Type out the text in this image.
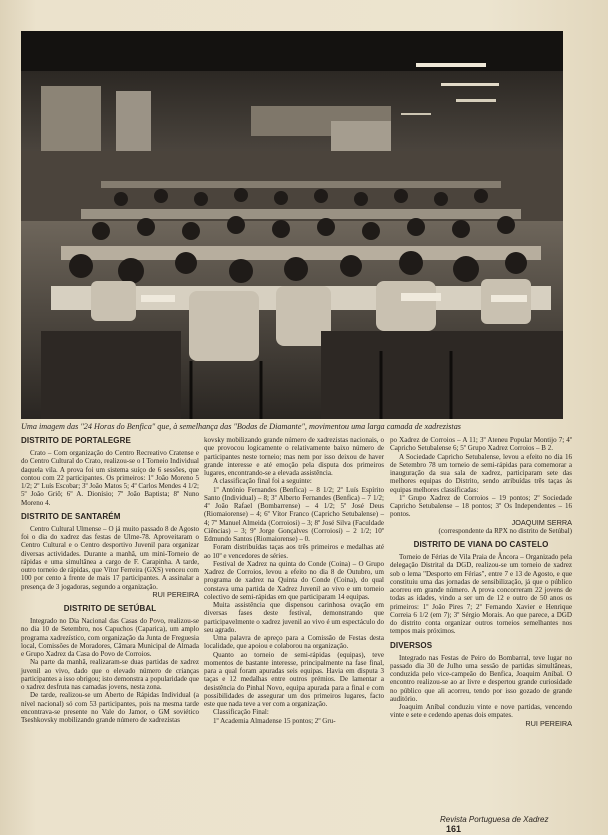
Uma imagem das "24 Horas do Benfica" que, à semelhança das "Bodas de Diamante", movimentou uma larga camada de xadrezistas
DISTRITO DE PORTALEGRE

Crato – Com organização do Centro Recreativo Cratense e do Centro Cultural do Crato, realizou-se o I Torneio Individual daquela vila. A prova foi um sistema suíço de 6 sessões, que contou com 22 participantes. Os primeiros: 1º João Moreno 5 1/2; 2º Luís Escobar; 3º João Matos 5; 4º Carlos Mendes 4 1/2; 5º João Griô; 6º A. Dionísio; 7º João Baptista; 8º Nuno Moreno 4.

DISTRITO DE SANTARÉM

Centro Cultural Ulmense – O já muito passado 8 de Agosto foi o dia do xadrez das festas de Ulme-78. Aproveitaram o Centro Cultural e o Centro desportivo Juvenil para organizar diversas actividades. Durante a manhã, um mini-Torneio de rápidas e uma simultânea a cargo de F. Carapinha. A tarde, outro torneio de rápidas, que Vítor Ferreira (GXS) venceu com 100 por cento à frente de mais 17 participantes. A assinalar a presença de 3 jogadoras, segundo a organização.

RUI PEREIRA

DISTRITO DE SETÚBAL

Integrado no Dia Nacional das Casas do Povo, realizou-se no dia 10 de Setembro, nos Capuchos (Caparica), um amplo programa xadrezístico, com organização da Junta de Freguesia local, Comissões de Moradores, Câmara Municipal de Almada e Grupo Xadrez da Casa do Povo de Corroios.

Na parte da manhã, realizaram-se duas partidas de xadrez juvenil ao vivo, dado que o elevado número de crianças participantes a isso obrigou; isto demonstra a popularidade que o xadrez desfruta nas camadas jovens, nesta zona.

De tarde, realizou-se um Aberto de Rápidas Individual (a nível nacional) só com 53 participantes, pois na mesma tarde encontrava-se presente no Vale do Jamor, o GM soviético Tseshkovsky mobilizando grande número de xadrezistas

kovsky mobilizando grande número de xadrezistas nacionais, o que provocou logicamente o relativamente baixo número de participantes neste torneio; mas nem por isso deixou de haver grande interesse e até emoção pela disputa dos primeiros lugares, encontrando-se a elevada assistência.

A classificação final foi a seguinte:

1º António Fernandes (Benfica) – 8 1/2; 2º Luís Espírito Santo (Individual) – 8; 3º Alberto Fernandes (Benfica) – 7 1/2; 4º João Rafael (Bombarrense) – 4 1/2; 5º José Deus (Riomaiorense) – 4; 6º Vítor Franco (Capricho Setubalense) – 4; 7º Manuel Almeida (Corroiosi) – 3; 8º José Silva (Faculdade Ciências) – 3; 9º Jorge Gonçalves (Corroiosi) – 2 1/2; 10º Edmundo Santos (Riomaiorense) – 0.

Foram distribuídas taças aos três primeiros e medalhas até ao 10º e vencedores de séries.

Festival de Xadrez na quinta do Conde (Coina) – O Grupo Xadrez de Corroios, levou a efeito no dia 8 de Outubro, um programa de xadrez na Quinta do Conde (Coina), do qual constava uma partida de Xadrez Juvenil ao vivo e um torneio colectivo de semi-rápidas em que participaram 14 equipas.

Muita assistência que dispensou carinhosa ovação em diversas fases deste festival, demonstrando que participavelmente o xadrez juvenil ao vivo é um espectáculo do seu agrado.

Uma palavra de apreço para a Comissão de Festas desta localidade, que apoiou e colaborou na organização.

Quanto ao torneio de semi-rápidas (equipas), teve momentos de bastante interesse, principalmente na fase final, para a qual foram apuradas seis equipas. Havia em disputa 3 taças e 12 medalhas entre outros prémios. De lamentar a desistência do Pinhal Novo, equipa apurada para a final e com possibilidades de assegurar um dos primeiros lugares, facto este que nada teve a ver com a organização.

Classificação Final:

1º Academia Almadense 15 pontos; 2º Gru-

po Xadrez de Corroios – A 11; 3º Ateneu Popular Montijo 7; 4º Capricho Setubalense 6; 5º Grupo Xadrez Corroios – B 2.

A Sociedade Capricho Setubalense, levou a efeito no dia 16 de Setembro 78 um torneio de semi-rápidas para comemorar a inauguração da sua sala de xadrez, participaram sete das melhores equipas do Distrito, sendo atribuídas três taças às equipas melhores classificadas:

1º Grupo Xadrez de Corroios – 19 pontos; 2º Sociedade Capricho Setubalense – 18 pontos; 3º Os Independentes – 16 pontos.

JOAQUIM SERRA

(correspondente da RPX no distrito de Setúbal)

DISTRITO DE VIANA DO CASTELO

Torneio de Férias de Vila Praia de Âncora – Organizado pela delegação Distrital da DGD, realizou-se um torneio de xadrez sob o lema "Desporto em Férias", entre 7 e 13 de Agosto, e que constituiu uma das jornadas de sensibilização, já que o público acorreu em grande número. A prova concorreram 22 jovens de todas as idades, vindo a ser um de 12 e outro de 50 anos os primeiros: 1º João Pires 7; 2º Fernando Xavier e Henrique Correia 6 1/2 (em 7); 3º Sérgio Morais. Ao que parece, a DGD do distrito conta organizar outros torneios semelhantes nos tempos mais próximos.

DIVERSOS

Integrado nas Festas de Peiro do Bombarral, teve lugar no passado dia 30 de Julho uma sessão de partidas simultâneas, conduzida pelo vice-campeão do Benfica, Joaquim Aníbal. O encontro realizou-se ao ar livre e despertou grande curiosidade no público que ali acorreu, tendo por isso gozado de grande auditório.

Joaquim Aníbal conduziu vinte e nove partidas, vencendo vinte e sete e cedendo apenas dois empates.

RUI PEREIRA

Revista Portuguesa de Xadrez 161
